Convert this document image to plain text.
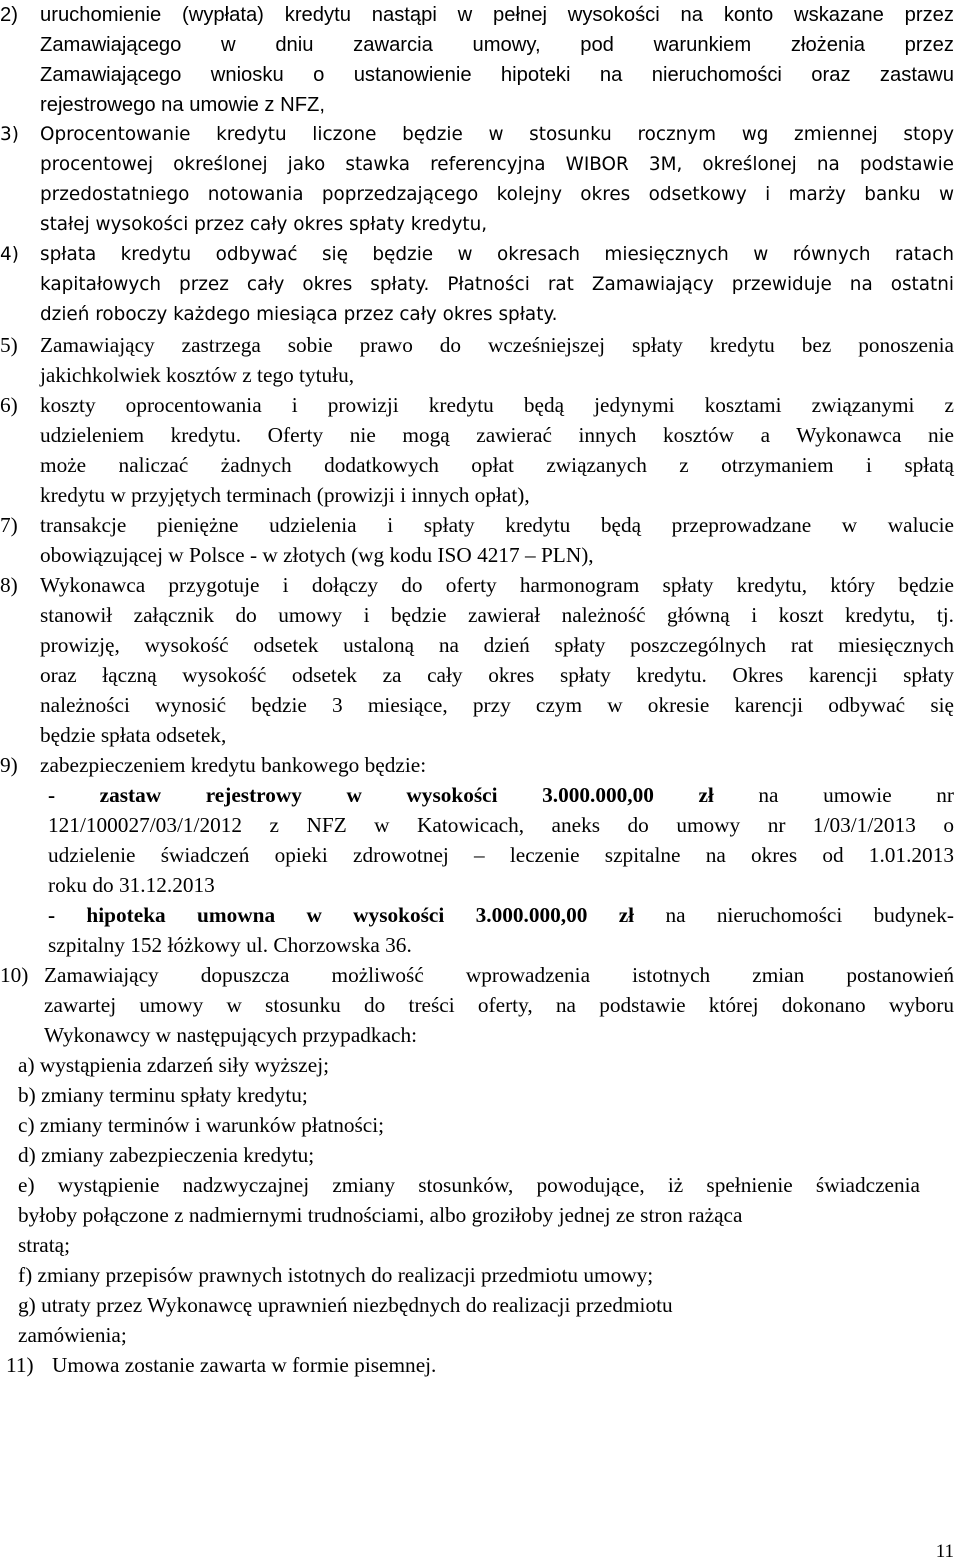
2) uruchomienie (wypłata) kredytu nastąpi w pełnej wysokości na konto wskazane przez
Zamawiającego w dniu zawarcia umowy, pod warunkiem złożenia przez
Zamawiającego wniosku o ustanowienie hipoteki na nieruchomości oraz zastawu
rejestrowego na umowie z NFZ,
3) Oprocentowanie kredytu liczone będzie w stosunku rocznym wg zmiennej stopy
procentowej określonej jako stawka referencyjna WIBOR 3M, określonej na podstawie
przedostatniego notowania poprzedzającego kolejny okres odsetkowy i marży banku w
stałej wysokości przez cały okres spłaty kredytu,
4) spłata kredytu odbywać się będzie w okresach miesięcznych w równych ratach
kapitałowych przez cały okres spłaty. Płatności rat Zamawiający przewiduje na ostatni
dzień roboczy każdego miesiąca przez cały okres spłaty.
5) Zamawiający zastrzega sobie prawo do wcześniejszej spłaty kredytu bez ponoszenia
jakichkolwiek kosztów z tego tytułu,
6) koszty oprocentowania i prowizji kredytu będą jedynymi kosztami związanymi z
udzieleniem kredytu. Oferty nie mogą zawierać innych kosztów a Wykonawca nie
może naliczać żadnych dodatkowych opłat związanych z otrzymaniem i spłatą
kredytu w przyjętych terminach (prowizji i innych opłat),
7) transakcje pieniężne udzielenia i spłaty kredytu będą przeprowadzane w walucie
obowiązującej w Polsce - w złotych (wg kodu ISO 4217 – PLN),
8) Wykonawca przygotuje i dołączy do oferty harmonogram spłaty kredytu, który będzie
stanowił załącznik do umowy i będzie zawierał należność główną i koszt kredytu, tj.
prowizję, wysokość odsetek ustaloną na dzień spłaty poszczególnych rat miesięcznych
oraz łączną wysokość odsetek za cały okres spłaty kredytu. Okres karencji spłaty
należności wynosić będzie 3 miesiące, przy czym w okresie karencji odbywać się
będzie spłata odsetek,
9) zabezpieczeniem kredytu bankowego będzie:
- zastaw rejestrowy w wysokości 3.000.000,00 zł na umowie nr
121/100027/03/1/2012 z NFZ w Katowicach, aneks do umowy nr 1/03/1/2013 o
udzielenie świadczeń opieki zdrowotnej – leczenie szpitalne na okres od 1.01.2013
roku do 31.12.2013
- hipoteka umowna w wysokości 3.000.000,00 zł na nieruchomości budynek-
szpitalny 152 łóżkowy ul. Chorzowska 36.
10) Zamawiający dopuszcza możliwość wprowadzenia istotnych zmian postanowień
zawartej umowy w stosunku do treści oferty, na podstawie której dokonano wyboru
Wykonawcy w następujących przypadkach:
a) wystąpienia zdarzeń siły wyższej;
b) zmiany terminu spłaty kredytu;
c) zmiany terminów i warunków płatności;
d) zmiany zabezpieczenia kredytu;
e) wystąpienie nadzwyczajnej zmiany stosunków, powodujące, iż spełnienie świadczenia
byłoby połączone z nadmiernymi trudnościami, albo groziłoby jednej ze stron rażąca
stratą;
f) zmiany przepisów prawnych istotnych do realizacji przedmiotu umowy;
g) utraty przez Wykonawcę uprawnień niezbędnych do realizacji przedmiotu
zamówienia;
11) Umowa zostanie zawarta w formie pisemnej.
11
